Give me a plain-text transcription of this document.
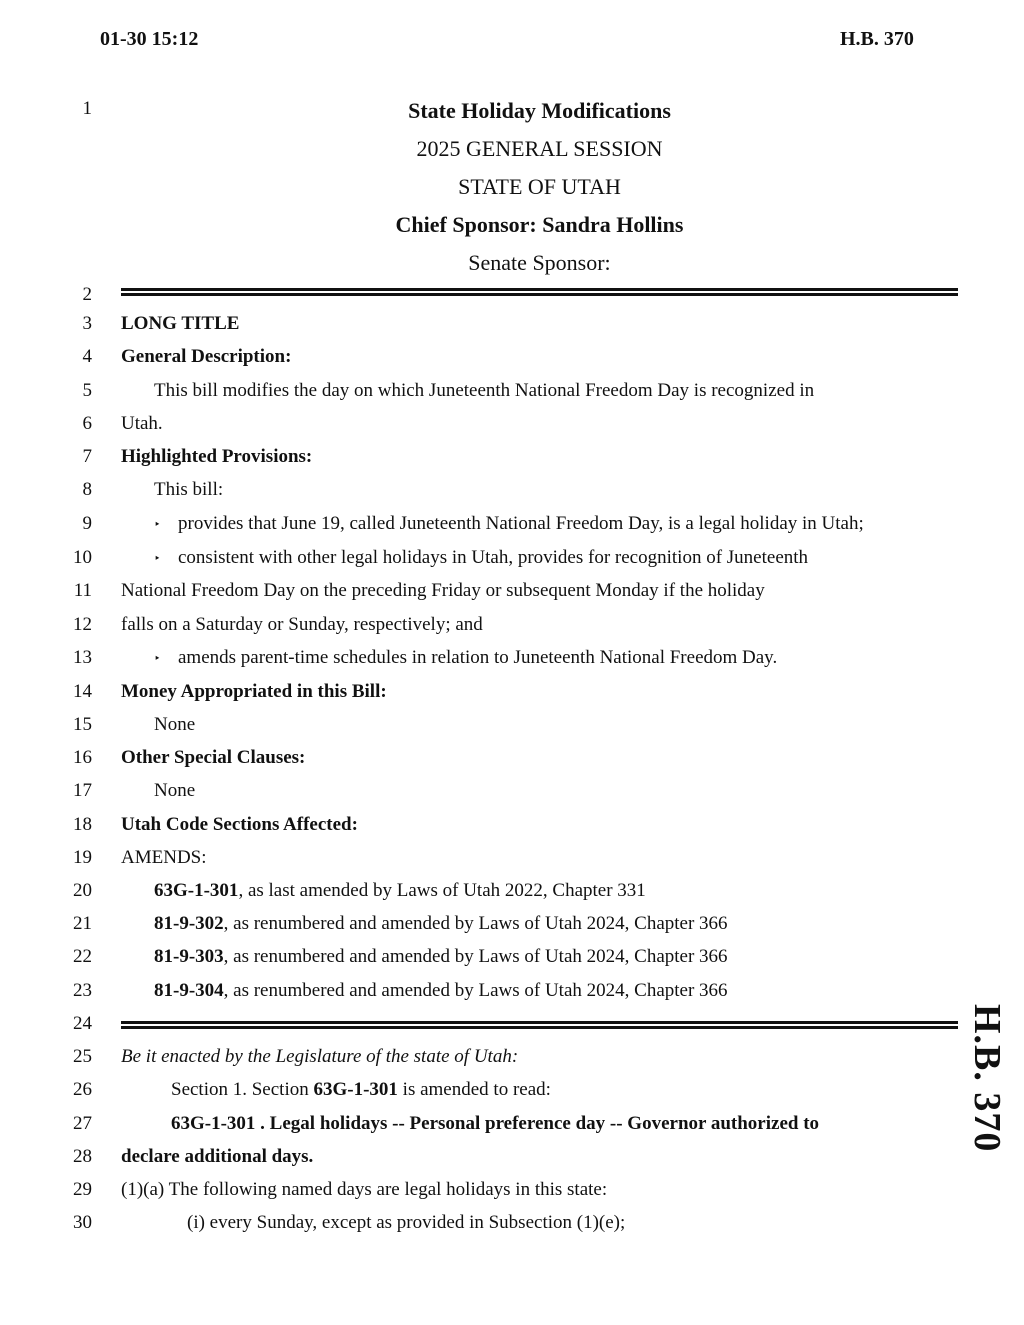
01-30 15:12	H.B. 370
H.B. 370
1
2
3
4
5
6
7
8
9
10
11
12
13
14
15
16
17
18
19
20
21
22
23
24
25
26
27
28
29
30
State Holiday Modifications
2025 GENERAL SESSION
STATE OF UTAH
Chief Sponsor: Sandra Hollins
Senate Sponsor:
LONG TITLE
General Description:
This bill modifies the day on which Juneteenth National Freedom Day is recognized in
Utah.
Highlighted Provisions:
This bill:
‣ provides that June 19, called Juneteenth National Freedom Day, is a legal holiday in Utah;
‣ consistent with other legal holidays in Utah, provides for recognition of Juneteenth
National Freedom Day on the preceding Friday or subsequent Monday if the holiday
falls on a Saturday or Sunday, respectively; and
‣ amends parent-time schedules in relation to Juneteenth National Freedom Day.
Money Appropriated in this Bill:
None
Other Special Clauses:
None
Utah Code Sections Affected:
AMENDS:
63G-1-301, as last amended by Laws of Utah 2022, Chapter 331
81-9-302, as renumbered and amended by Laws of Utah 2024, Chapter 366
81-9-303, as renumbered and amended by Laws of Utah 2024, Chapter 366
81-9-304, as renumbered and amended by Laws of Utah 2024, Chapter 366
Be it enacted by the Legislature of the state of Utah:
Section 1. Section 63G-1-301 is amended to read:
63G-1-301 . Legal holidays -- Personal preference day -- Governor authorized to
declare additional days.
(1)(a) The following named days are legal holidays in this state:
(i) every Sunday, except as provided in Subsection (1)(e);
